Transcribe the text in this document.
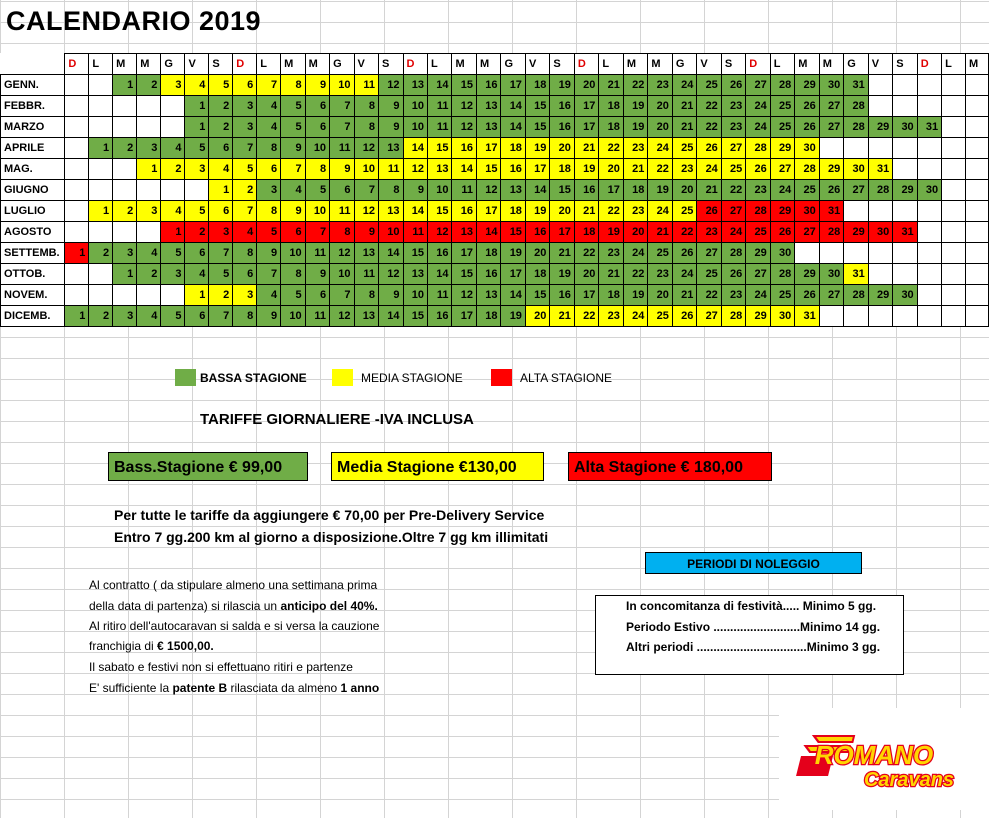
CALENDARIO 2019
	D	L	M	M	G	V	S	D	L	M	M	G	V	S	D	L	M	M	G	V	S	D	L	M	M	G	V	S	D	L	M	M	G	V	S	D	L	M
GENN.			1	2	3	4	5	6	7	8	9	10	11	12	13	14	15	16	17	18	19	20	21	22	23	24	25	26	27	28	29	30	31					
FEBBR.						1	2	3	4	5	6	7	8	9	10	11	12	13	14	15	16	17	18	19	20	21	22	23	24	25	26	27	28					
MARZO						1	2	3	4	5	6	7	8	9	10	11	12	13	14	15	16	17	18	19	20	21	22	23	24	25	26	27	28	29	30	31		
APRILE		1	2	3	4	5	6	7	8	9	10	11	12	13	14	15	16	17	18	19	20	21	22	23	24	25	26	27	28	29	30							
MAG.				1	2	3	4	5	6	7	8	9	10	11	12	13	14	15	16	17	18	19	20	21	22	23	24	25	26	27	28	29	30	31				
GIUGNO							1	2	3	4	5	6	7	8	9	10	11	12	13	14	15	16	17	18	19	20	21	22	23	24	25	26	27	28	29	30		
LUGLIO		1	2	3	4	5	6	7	8	9	10	11	12	13	14	15	16	17	18	19	20	21	22	23	24	25	26	27	28	29	30	31						
AGOSTO					1	2	3	4	5	6	7	8	9	10	11	12	13	14	15	16	17	18	19	20	21	22	23	24	25	26	27	28	29	30	31			
SETTEMB.	1	2	3	4	5	6	7	8	9	10	11	12	13	14	15	16	17	18	19	20	21	22	23	24	25	26	27	28	29	30								
OTTOB.			1	2	3	4	5	6	7	8	9	10	11	12	13	14	15	16	17	18	19	20	21	22	23	24	25	26	27	28	29	30	31					
NOVEM.						1	2	3	4	5	6	7	8	9	10	11	12	13	14	15	16	17	18	19	20	21	22	23	24	25	26	27	28	29	30			
DICEMB.	1	2	3	4	5	6	7	8	9	10	11	12	13	14	15	16	17	18	19	20	21	22	23	24	25	26	27	28	29	30	31							
BASSA STAGIONE	MEDIA STAGIONE	ALTA STAGIONE
TARIFFE GIORNALIERE -IVA INCLUSA
Bass.Stagione € 99,00	Media Stagione €130,00	Alta Stagione € 180,00
Per tutte le tariffe da aggiungere € 70,00 per Pre-Delivery Service
Entro 7 gg.200 km al giorno a disposizione.Oltre 7 gg km illimitati
PERIODI DI NOLEGGIO
Al contratto ( da stipulare almeno una settimana prima
della data di partenza) si rilascia un anticipo del 40%.
Al ritiro dell'autocaravan si salda e si versa la cauzione
franchigia di € 1500,00.
Il sabato e festivi non si effettuano ritiri e partenze
E' sufficiente la patente B rilasciata da almeno 1 anno
In concomitanza di festività..... Minimo 5 gg.
Periodo Estivo ..........................Minimo 14 gg.
Altri periodi .................................Minimo 3 gg.
ROMANO
Caravans
